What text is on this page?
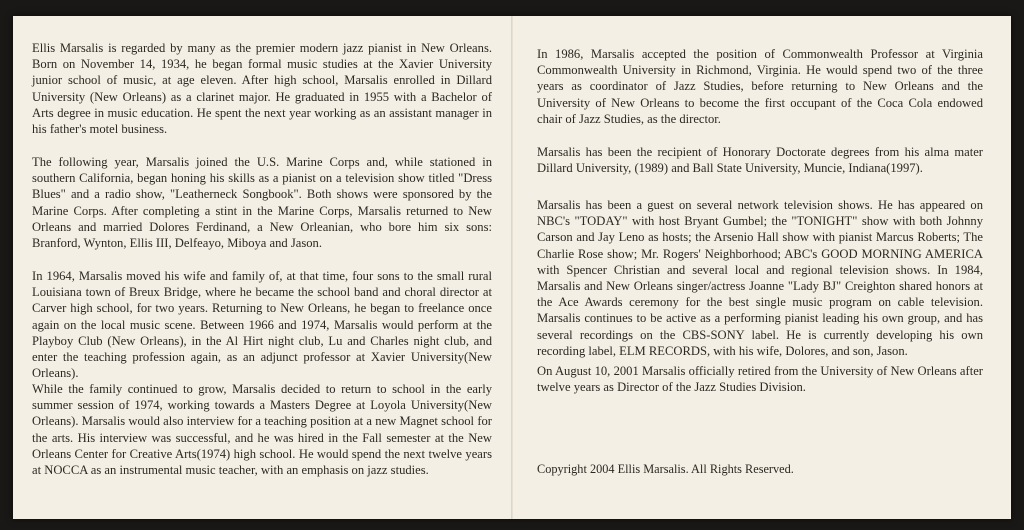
Ellis Marsalis is regarded by many as the premier modern jazz pianist in New Orleans. Born on November 14, 1934, he began formal music studies at the Xavier University junior school of music, at age eleven. After high school, Marsalis enrolled in Dillard University (New Orleans) as a clarinet major. He graduated in 1955 with a Bachelor of Arts degree in music education. He spent the next year working as an assistant manager in his father's motel business.

The following year, Marsalis joined the U.S. Marine Corps and, while stationed in southern California, began honing his skills as a pianist on a television show titled "Dress Blues" and a radio show, "Leatherneck Songbook". Both shows were sponsored by the Marine Corps. After completing a stint in the Marine Corps, Marsalis returned to New Orleans and married Dolores Ferdinand, a New Orleanian, who bore him six sons: Branford, Wynton, Ellis III, Delfeayo, Miboya and Jason.

In 1964, Marsalis moved his wife and family of, at that time, four sons to the small rural Louisiana town of Breux Bridge, where he became the school band and choral director at Carver high school, for two years. Returning to New Orleans, he began to freelance once again on the local music scene. Between 1966 and 1974, Marsalis would perform at the Playboy Club (New Orleans), in the Al Hirt night club, Lu and Charles night club, and enter the teaching profession again, as an adjunct professor at Xavier University(New Orleans).

While the family continued to grow, Marsalis decided to return to school in the early summer session of 1974, working towards a Masters Degree at Loyola University(New Orleans). Marsalis would also interview for a teaching position at a new Magnet school for the arts. His interview was successful, and he was hired in the Fall semester at the New Orleans Center for Creative Arts(1974) high school. He would spend the next twelve years at NOCCA as an instrumental music teacher, with an emphasis on jazz studies.

In 1986, Marsalis accepted the position of Commonwealth Professor at Virginia Commonwealth University in Richmond, Virginia. He would spend two of the three years as coordinator of Jazz Studies, before returning to New Orleans and the University of New Orleans to become the first occupant of the Coca Cola endowed chair of Jazz Studies, as the director.

Marsalis has been the recipient of Honorary Doctorate degrees from his alma mater Dillard University, (1989) and Ball State University, Muncie, Indiana(1997).

Marsalis has been a guest on several network television shows. He has appeared on NBC's "TODAY" with host Bryant Gumbel; the "TONIGHT" show with both Johnny Carson and Jay Leno as hosts; the Arsenio Hall show with pianist Marcus Roberts; The Charlie Rose show; Mr. Rogers' Neighborhood; ABC's GOOD MORNING AMERICA with Spencer Christian and several local and regional television shows. In 1984, Marsalis and New Orleans singer/actress Joanne "Lady BJ" Creighton shared honors at the Ace Awards ceremony for the best single music program on cable television. Marsalis continues to be active as a performing pianist leading his own group, and has several recordings on the CBS-SONY label. He is currently developing his own recording label, ELM RECORDS, with his wife, Dolores, and son, Jason.

On August 10, 2001 Marsalis officially retired from the University of New Orleans after twelve years as Director of the Jazz Studies Division.

Copyright 2004 Ellis Marsalis. All Rights Reserved.
